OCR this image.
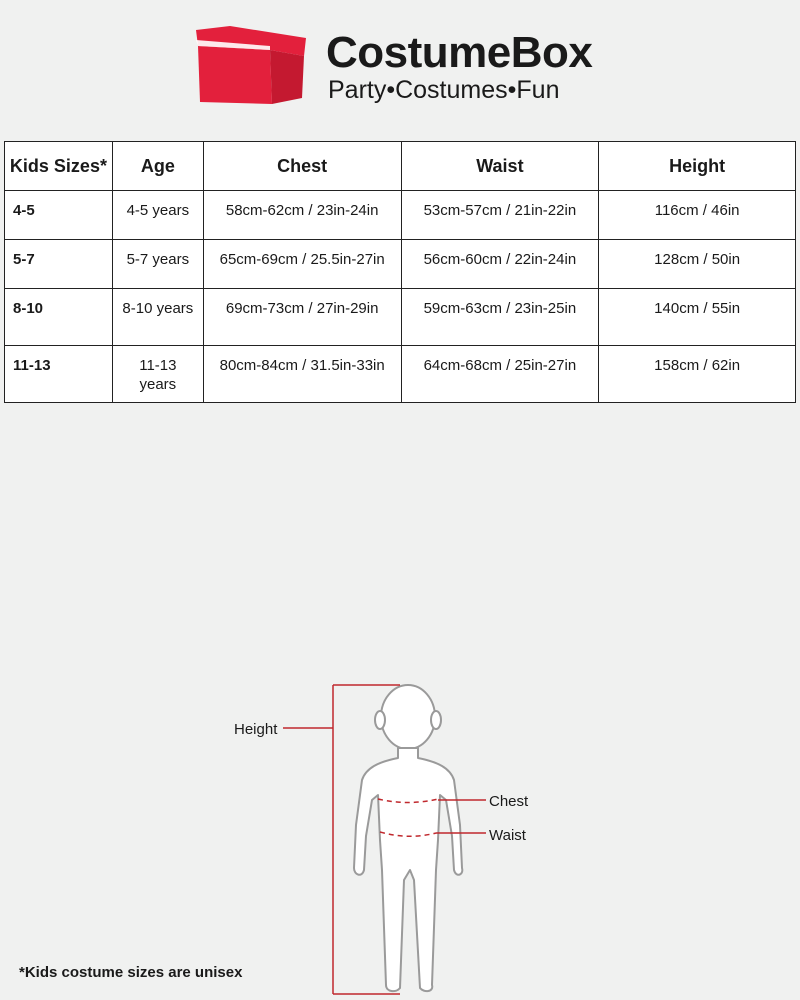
CostumeBox
Party•Costumes•Fun
Kids Sizes*	Age	Chest	Waist	Height
4-5	4-5 years	58cm-62cm / 23in-24in	53cm-57cm / 21in-22in	116cm / 46in
5-7	5-7 years	65cm-69cm / 25.5in-27in	56cm-60cm / 22in-24in	128cm / 50in
8-10	8-10 years	69cm-73cm / 27in-29in	59cm-63cm / 23in-25in	140cm / 55in
11-13	11-13 years	80cm-84cm / 31.5in-33in	64cm-68cm / 25in-27in	158cm / 62in
Height
Chest
Waist
*Kids costume sizes are unisex
